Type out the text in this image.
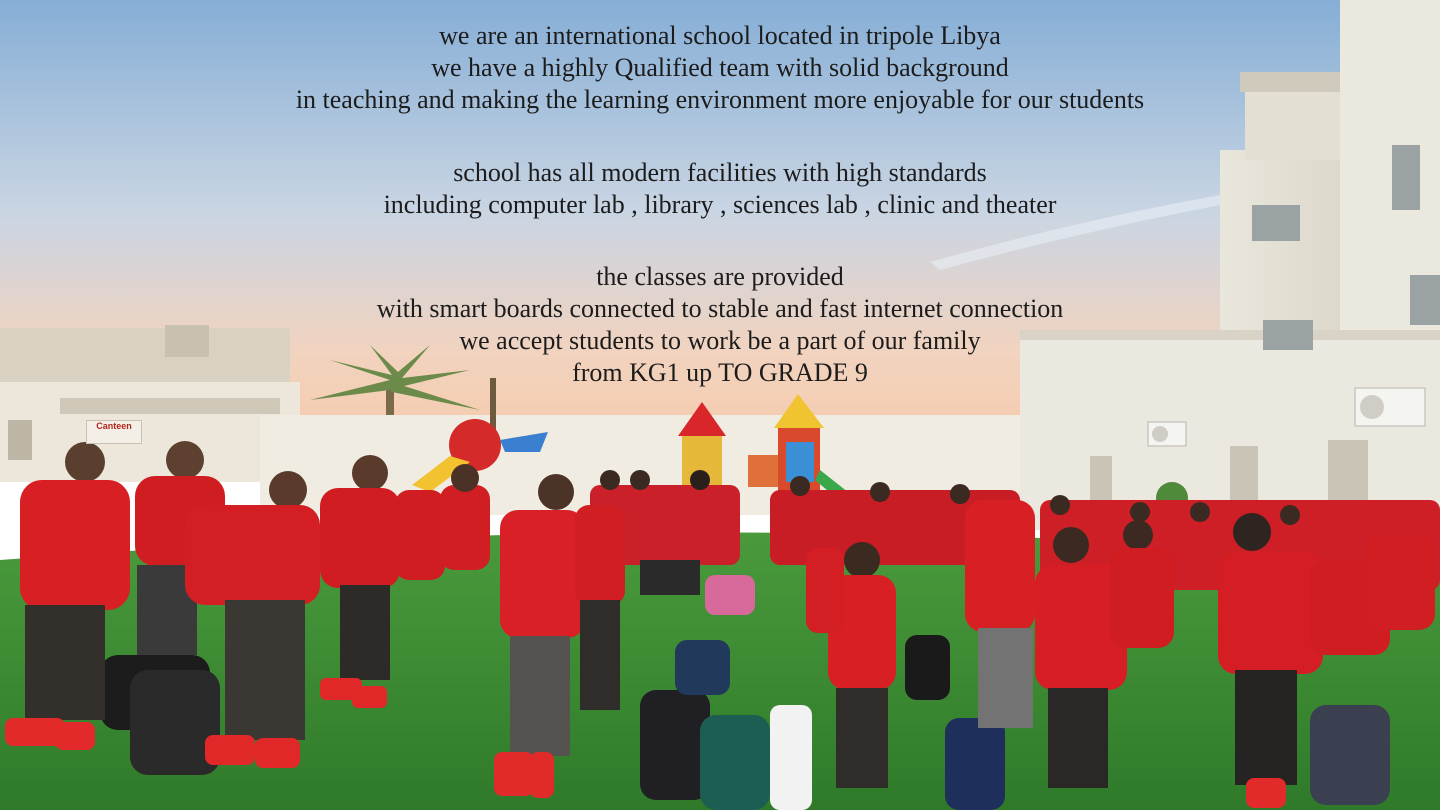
Canteen
we are an international school located in tripole Libya
we have a highly Qualified team with solid background
in teaching and making the learning environment more enjoyable for our students
school has all modern facilities with high standards
including computer lab , library , sciences lab , clinic and theater
the classes are provided
with smart boards connected to stable and fast internet connection
we accept students to work be a part of our family
from KG1 up TO GRADE 9
